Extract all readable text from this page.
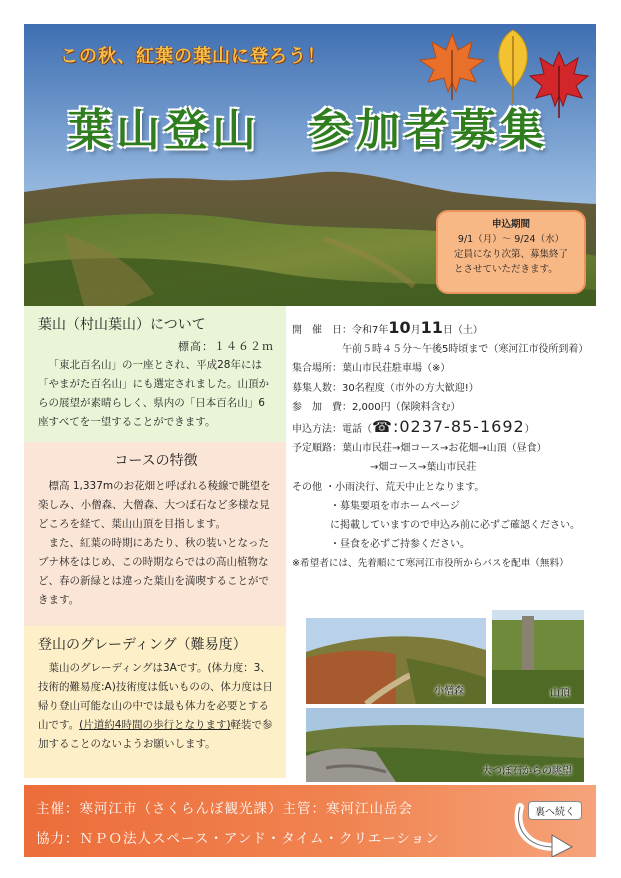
この秋、紅葉の葉山に登ろう！
葉山登山　参加者募集
申込期間
9/1（月）～ 9/24（水）
定員になり次第、募集終了
とさせていただきます。
葉山（村山葉山）について
標高：１４６２ｍ
「東北百名山」の一座とされ、平成28年には「やまがた百名山」にも選定されました。山頂からの展望が素晴らしく、県内の「日本百名山」6座すべてを一望することができます。
コースの特徴
標高 1,337mのお花畑と呼ばれる稜線で眺望を楽しみ、小僧森、大僧森、大つぼ石など多様な見どころを経て、葉山山頂を目指します。
また、紅葉の時期にあたり、秋の装いとなったブナ林をはじめ、この時期ならではの高山植物など、春の新緑とは違った葉山を満喫することができます。
登山のグレーディング（難易度）
葉山のグレーディングは3Aです。(体力度：3、技術的難易度:A)技術度は低いものの、体力度は日帰り登山可能な山の中では最も体力を必要とする山です。(片道約4時間の歩行となります)軽装で参加することのないようお願いします。
開　催　日：令和7年10月11日（土）
午前５時４５分～午後5時頃まで（寒河江市役所到着）
集合場所：葉山市民荘駐車場（※）
募集人数：30名程度（市外の方大歓迎!）
参　加　費：2,000円（保険料含む）
申込方法：電話（☎:0237-85-1692）
予定順路：葉山市民荘→畑コース→お花畑→山頂（昼食）
→畑コース→葉山市民荘
その他 ・小雨決行、荒天中止となります。
・募集要項を市ホームページ
に掲載していますので申込み前に必ずご確認ください。
・昼食を必ずご持参ください。
※希望者には、先着順にて寒河江市役所からバスを配車（無料）
小僧森	山頂
大つぼ石からの眺望
主催：寒河江市（さくらんぼ観光課）主管：寒河江山岳会
協力：ＮＰＯ法人スペース・アンド・タイム・クリエーション
裏へ続く
